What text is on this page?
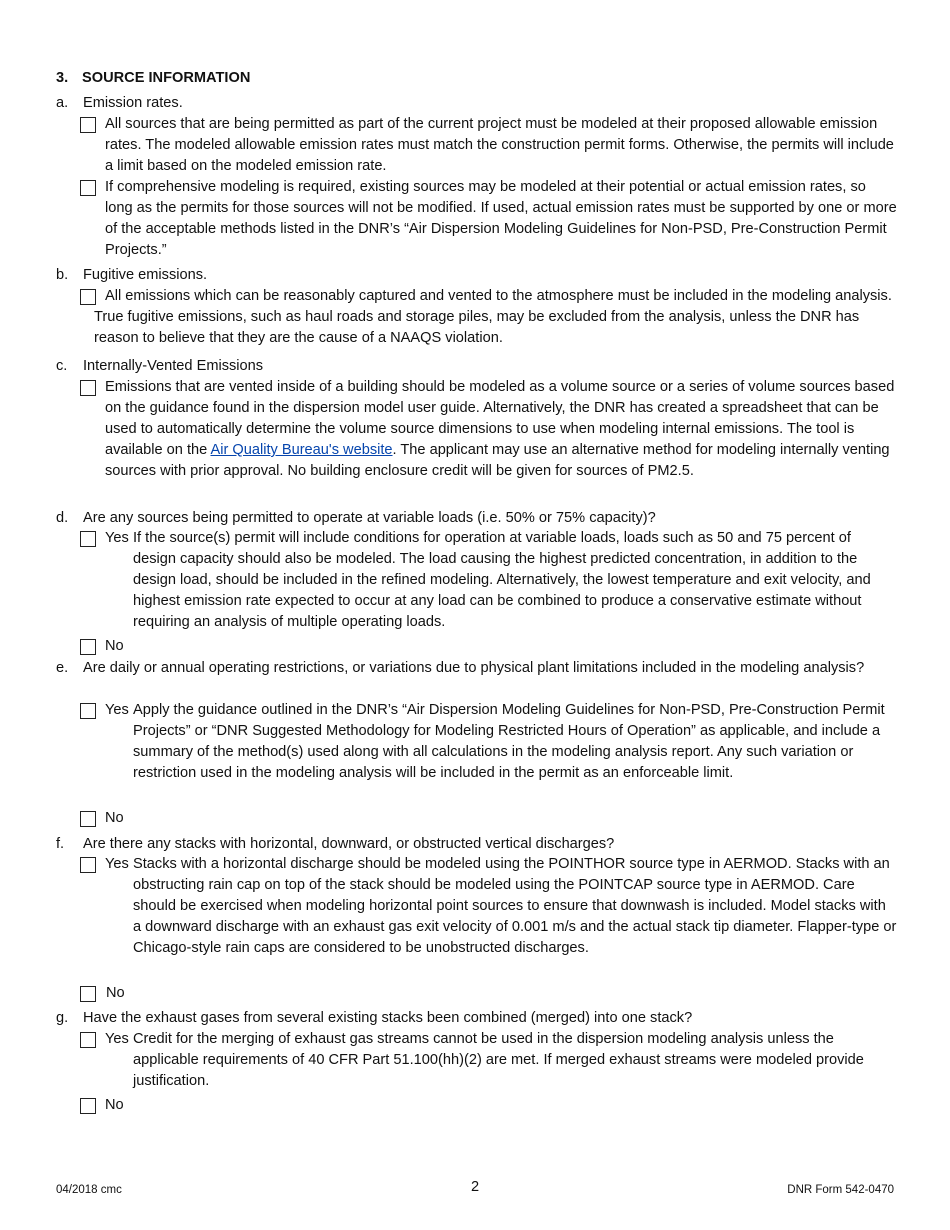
3. SOURCE INFORMATION
a. Emission rates.
All sources that are being permitted as part of the current project must be modeled at their proposed allowable emission rates. The modeled allowable emission rates must match the construction permit forms. Otherwise, the permits will include a limit based on the modeled emission rate.
If comprehensive modeling is required, existing sources may be modeled at their potential or actual emission rates, so long as the permits for those sources will not be modified. If used, actual emission rates must be supported by one or more of the acceptable methods listed in the DNR’s “Air Dispersion Modeling Guidelines for Non-PSD, Pre-Construction Permit Projects.”
b. Fugitive emissions.
All emissions which can be reasonably captured and vented to the atmosphere must be included in the modeling analysis. True fugitive emissions, such as haul roads and storage piles, may be excluded from the analysis, unless the DNR has reason to believe that they are the cause of a NAAQS violation.
c. Internally-Vented Emissions
Emissions that are vented inside of a building should be modeled as a volume source or a series of volume sources based on the guidance found in the dispersion model user guide. Alternatively, the DNR has created a spreadsheet that can be used to automatically determine the volume source dimensions to use when modeling internal emissions. The tool is available on the Air Quality Bureau's website. The applicant may use an alternative method for modeling internally venting sources with prior approval. No building enclosure credit will be given for sources of PM2.5.
d. Are any sources being permitted to operate at variable loads (i.e. 50% or 75% capacity)?
Yes If the source(s) permit will include conditions for operation at variable loads, loads such as 50 and 75 percent of design capacity should also be modeled. The load causing the highest predicted concentration, in addition to the design load, should be included in the refined modeling. Alternatively, the lowest temperature and exit velocity, and highest emission rate expected to occur at any load can be combined to produce a conservative estimate without requiring an analysis of multiple operating loads.
No
e. Are daily or annual operating restrictions, or variations due to physical plant limitations included in the modeling analysis?
Yes Apply the guidance outlined in the DNR’s “Air Dispersion Modeling Guidelines for Non-PSD, Pre-Construction Permit Projects” or “DNR Suggested Methodology for Modeling Restricted Hours of Operation” as applicable, and include a summary of the method(s) used along with all calculations in the modeling analysis report. Any such variation or restriction used in the modeling analysis will be included in the permit as an enforceable limit.
No
f. Are there any stacks with horizontal, downward, or obstructed vertical discharges?
Yes Stacks with a horizontal discharge should be modeled using the POINTHOR source type in AERMOD. Stacks with an obstructing rain cap on top of the stack should be modeled using the POINTCAP source type in AERMOD. Care should be exercised when modeling horizontal point sources to ensure that downwash is included. Model stacks with a downward discharge with an exhaust gas exit velocity of 0.001 m/s and the actual stack tip diameter. Flapper-type or Chicago-style rain caps are considered to be unobstructed discharges.
No
g. Have the exhaust gases from several existing stacks been combined (merged) into one stack?
Yes Credit for the merging of exhaust gas streams cannot be used in the dispersion modeling analysis unless the applicable requirements of 40 CFR Part 51.100(hh)(2) are met. If merged exhaust streams were modeled provide justification.
No
04/2018 cmc	2	DNR Form 542-0470
